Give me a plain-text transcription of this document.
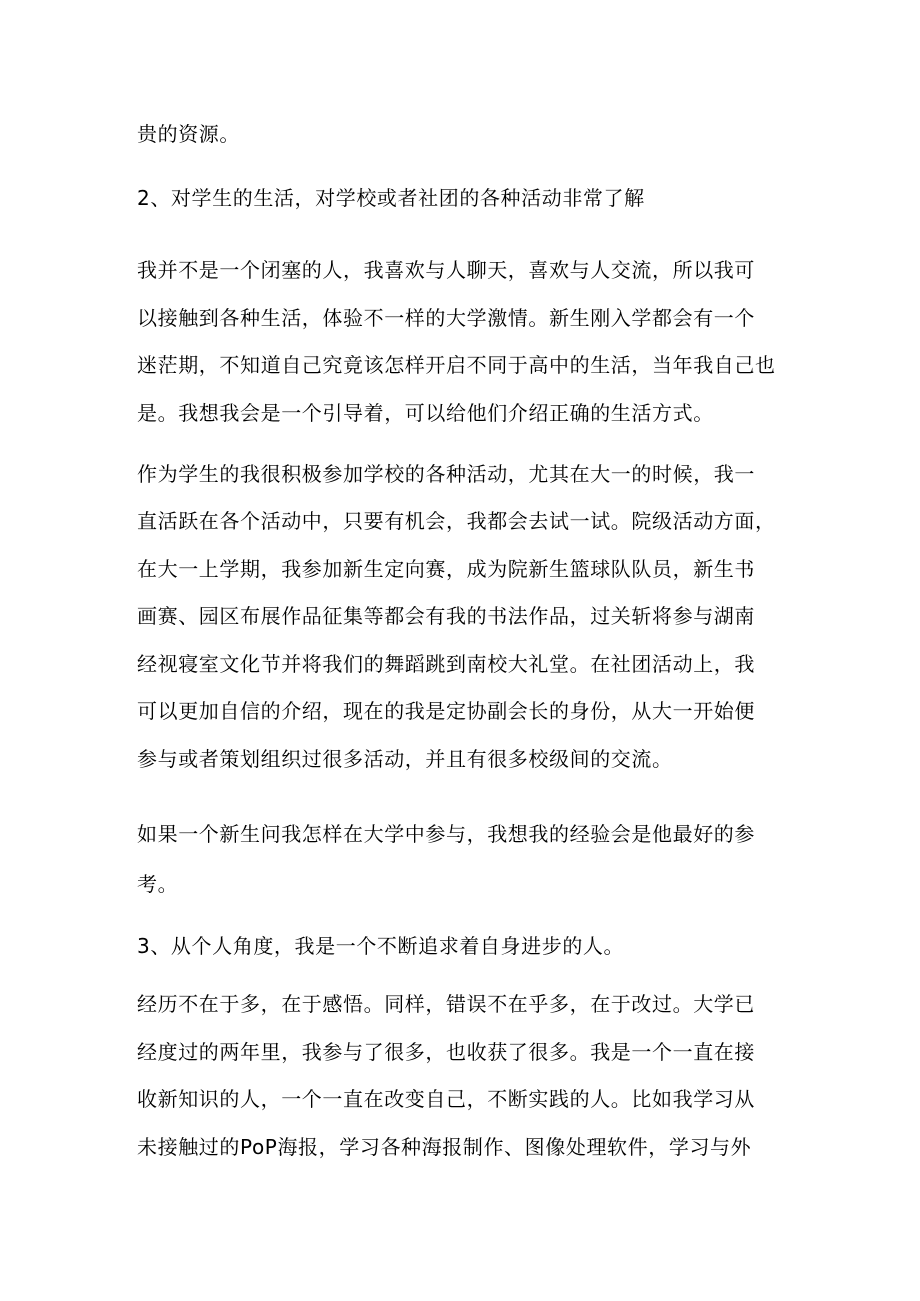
贵的资源。
2、对学生的生活，对学校或者社团的各种活动非常了解
我并不是一个闭塞的人，我喜欢与人聊天，喜欢与人交流，所以我可
以接触到各种生活，体验不一样的大学激情。新生刚入学都会有一个
迷茫期，不知道自己究竟该怎样开启不同于高中的生活，当年我自己也
是。我想我会是一个引导着，可以给他们介绍正确的生活方式。
作为学生的我很积极参加学校的各种活动，尤其在大一的时候，我一
直活跃在各个活动中，只要有机会，我都会去试一试。院级活动方面，
在大一上学期，我参加新生定向赛，成为院新生篮球队队员，新生书
画赛、园区布展作品征集等都会有我的书法作品，过关斩将参与湖南
经视寝室文化节并将我们的舞蹈跳到南校大礼堂。在社团活动上，我
可以更加自信的介绍，现在的我是定协副会长的身份，从大一开始便
参与或者策划组织过很多活动，并且有很多校级间的交流。
如果一个新生问我怎样在大学中参与，我想我的经验会是他最好的参
考。
3、从个人角度，我是一个不断追求着自身进步的人。
经历不在于多，在于感悟。同样，错误不在乎多，在于改过。大学已
经度过的两年里，我参与了很多，也收获了很多。我是一个一直在接
收新知识的人，一个一直在改变自己，不断实践的人。比如我学习从
未接触过的PoP海报，学习各种海报制作、图像处理软件，学习与外
